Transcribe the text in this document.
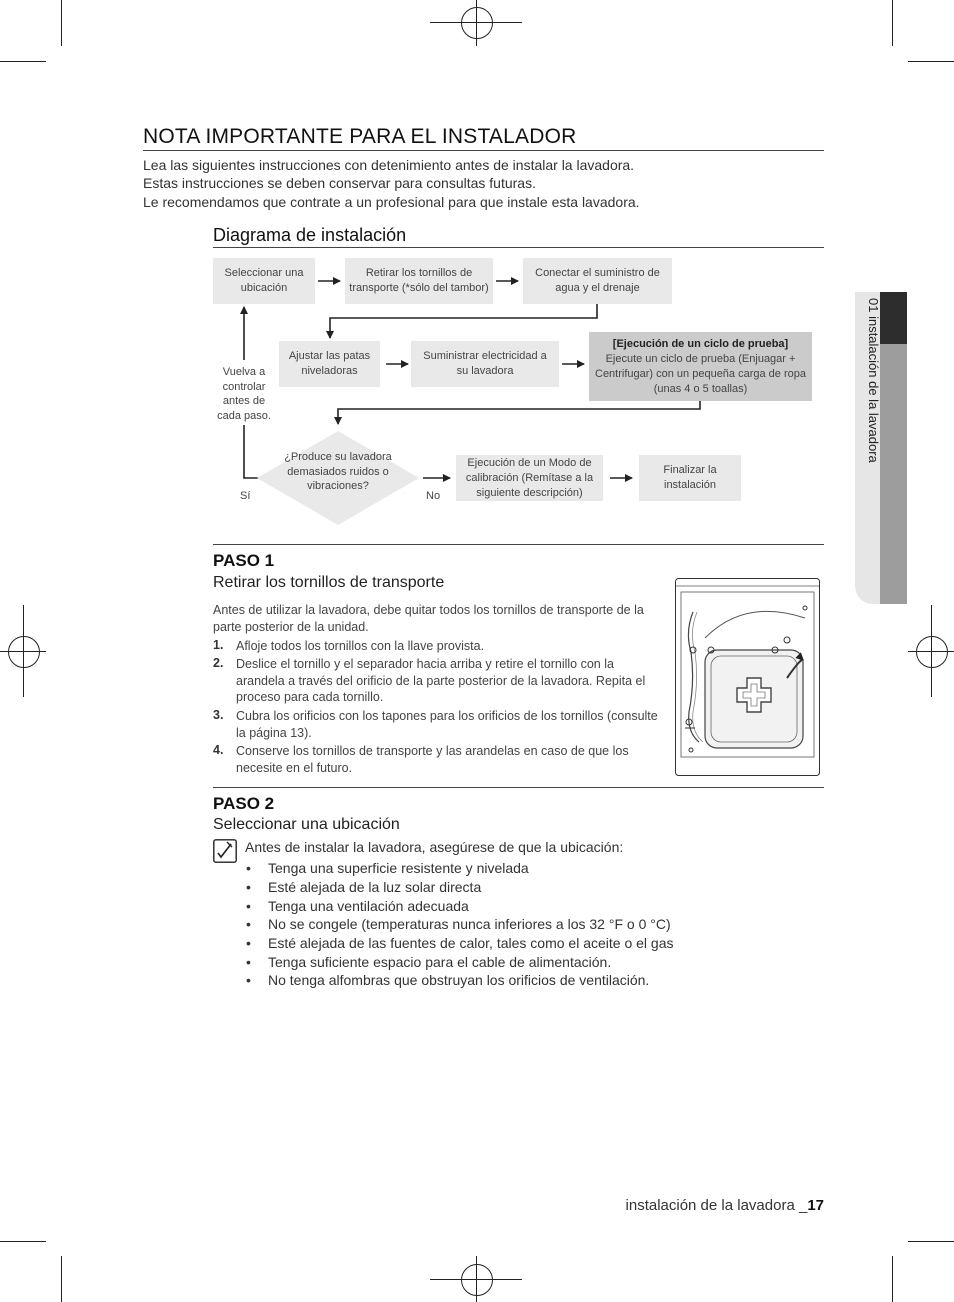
01 instalación de la lavadora
NOTA IMPORTANTE PARA EL INSTALADOR
Lea las siguientes instrucciones con detenimiento antes de instalar la lavadora.
Estas instrucciones se deben conservar para consultas futuras.
Le recomendamos que contrate a un profesional para que instale esta lavadora.
Diagrama de instalación
Seleccionar una ubicación
Retirar los tornillos de transporte (*sólo del tambor)
Conectar el suministro de agua y el drenaje
Ajustar las patas niveladoras
Suministrar electricidad a su lavadora
[Ejecución de un ciclo de prueba]
Ejecute un ciclo de prueba (Enjuagar + Centrifugar) con un pequeña carga de ropa (unas 4 o 5 toallas)
¿Produce su lavadora demasiados ruidos o vibraciones?
Ejecución de un Modo de calibración (Remítase a la siguiente descripción)
Finalizar la instalación
Vuelva a controlar antes de cada paso.
Sí	No
PASO 1
Retirar los tornillos de transporte
Antes de utilizar la lavadora, debe quitar todos los tornillos de transporte de la parte posterior de la unidad.
1. Afloje todos los tornillos con la llave provista.
2. Deslice el tornillo y el separador hacia arriba y retire el tornillo con la arandela a través del orificio de la parte posterior de la lavadora. Repita el proceso para cada tornillo.
3. Cubra los orificios con los tapones para los orificios de los tornillos (consulte la página 13).
4. Conserve los tornillos de transporte y las arandelas en caso de que los necesite en el futuro.
PASO 2
Seleccionar una ubicación
Antes de instalar la lavadora, asegúrese de que la ubicación:
• Tenga una superficie resistente y nivelada
• Esté alejada de la luz solar directa
• Tenga una ventilación adecuada
• No se congele (temperaturas nunca inferiores a los 32 °F o 0 °C)
• Esté alejada de las fuentes de calor, tales como el aceite o el gas
• Tenga suficiente espacio para el cable de alimentación.
• No tenga alfombras que obstruyan los orificios de ventilación.
instalación de la lavadora _17
